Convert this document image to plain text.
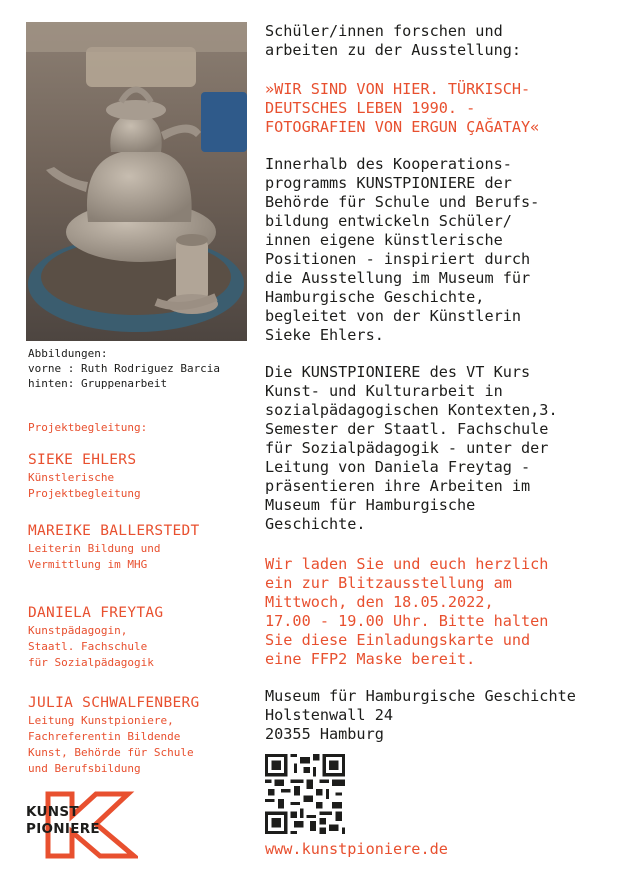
Abbildungen:
vorne : Ruth Rodriguez Barcia
hinten: Gruppenarbeit
Projektbegleitung:
SIEKE EHLERS
Künstlerische
Projektbegleitung
MAREIKE BALLERSTEDT
Leiterin Bildung und
Vermittlung im MHG
DANIELA FREYTAG
Kunstpädagogin,
Staatl. Fachschule
für Sozialpädagogik
JULIA SCHWALFENBERG
Leitung Kunstpioniere,
Fachreferentin Bildende
Kunst, Behörde für Schule
und Berufsbildung
KUNST
PIONIERE

Schüler/innen forschen und

arbeiten zu der Ausstellung:

»WIR SIND VON HIER. TÜRKISCH-

DEUTSCHES LEBEN 1990. -

FOTOGRAFIEN VON ERGUN ÇAĞATAY«

Innerhalb des Kooperations-

programms KUNSTPIONIERE der

Behörde für Schule und Berufs-

bildung entwickeln Schüler/

innen eigene künstlerische

Positionen - inspiriert durch

die Ausstellung im Museum für

Hamburgische Geschichte,

begleitet von der Künstlerin

Sieke Ehlers.

Die KUNSTPIONIERE des VT Kurs

Kunst- und Kulturarbeit in

sozialpädagogischen Kontexten,3.

Semester der Staatl. Fachschule

für Sozialpädagogik - unter der

Leitung von Daniela Freytag -

präsentieren ihre Arbeiten im

Museum für Hamburgische

Geschichte.

Wir laden Sie und euch herzlich

ein zur Blitzausstellung am

Mittwoch, den 18.05.2022,

17.00 - 19.00 Uhr. Bitte halten

Sie diese Einladungskarte und

eine FFP2 Maske bereit.

Museum für Hamburgische Geschichte

Holstenwall 24

20355 Hamburg

www.kunstpioniere.de
